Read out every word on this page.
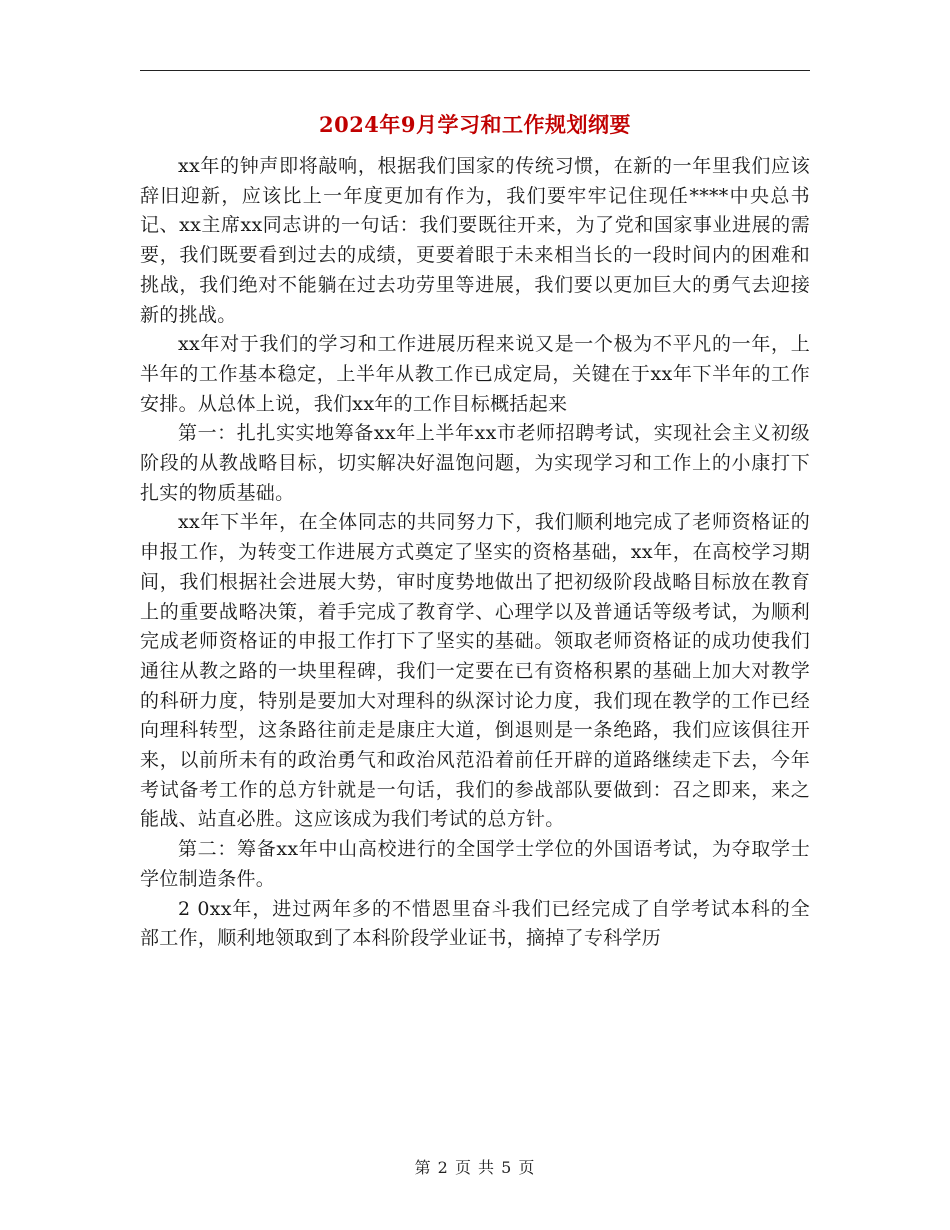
2024年9月学习和工作规划纲要

xx年的钟声即将敲响，根据我们国家的传统习惯，在新的一年里我们应该辞旧迎新，应该比上一年度更加有作为，我们要牢牢记住现任****中央总书记、xx主席xx同志讲的一句话：我们要既往开来，为了党和国家事业进展的需要，我们既要看到过去的成绩，更要着眼于未来相当长的一段时间内的困难和挑战，我们绝对不能躺在过去功劳里等进展，我们要以更加巨大的勇气去迎接新的挑战。

xx年对于我们的学习和工作进展历程来说又是一个极为不平凡的一年，上半年的工作基本稳定，上半年从教工作已成定局，关键在于xx年下半年的工作安排。从总体上说，我们xx年的工作目标概括起来

第一：扎扎实实地筹备xx年上半年xx市老师招聘考试，实现社会主义初级阶段的从教战略目标，切实解决好温饱问题，为实现学习和工作上的小康打下扎实的物质基础。

xx年下半年，在全体同志的共同努力下，我们顺利地完成了老师资格证的申报工作，为转变工作进展方式奠定了坚实的资格基础，xx年，在高校学习期间，我们根据社会进展大势，审时度势地做出了把初级阶段战略目标放在教育上的重要战略决策，着手完成了教育学、心理学以及普通话等级考试，为顺利完成老师资格证的申报工作打下了坚实的基础。领取老师资格证的成功使我们通往从教之路的一块里程碑，我们一定要在已有资格积累的基础上加大对教学的科研力度，特别是要加大对理科的纵深讨论力度，我们现在教学的工作已经向理科转型，这条路往前走是康庄大道，倒退则是一条绝路，我们应该俱往开来，以前所未有的政治勇气和政治风范沿着前任开辟的道路继续走下去，今年考试备考工作的总方针就是一句话，我们的参战部队要做到：召之即来，来之能战、站直必胜。这应该成为我们考试的总方针。

第二：筹备xx年中山高校进行的全国学士学位的外国语考试，为夺取学士学位制造条件。

2 0xx年，进过两年多的不惜恩里奋斗我们已经完成了自学考试本科的全部工作，顺利地领取到了本科阶段学业证书，摘掉了专科学历

第 2 页 共 5 页
